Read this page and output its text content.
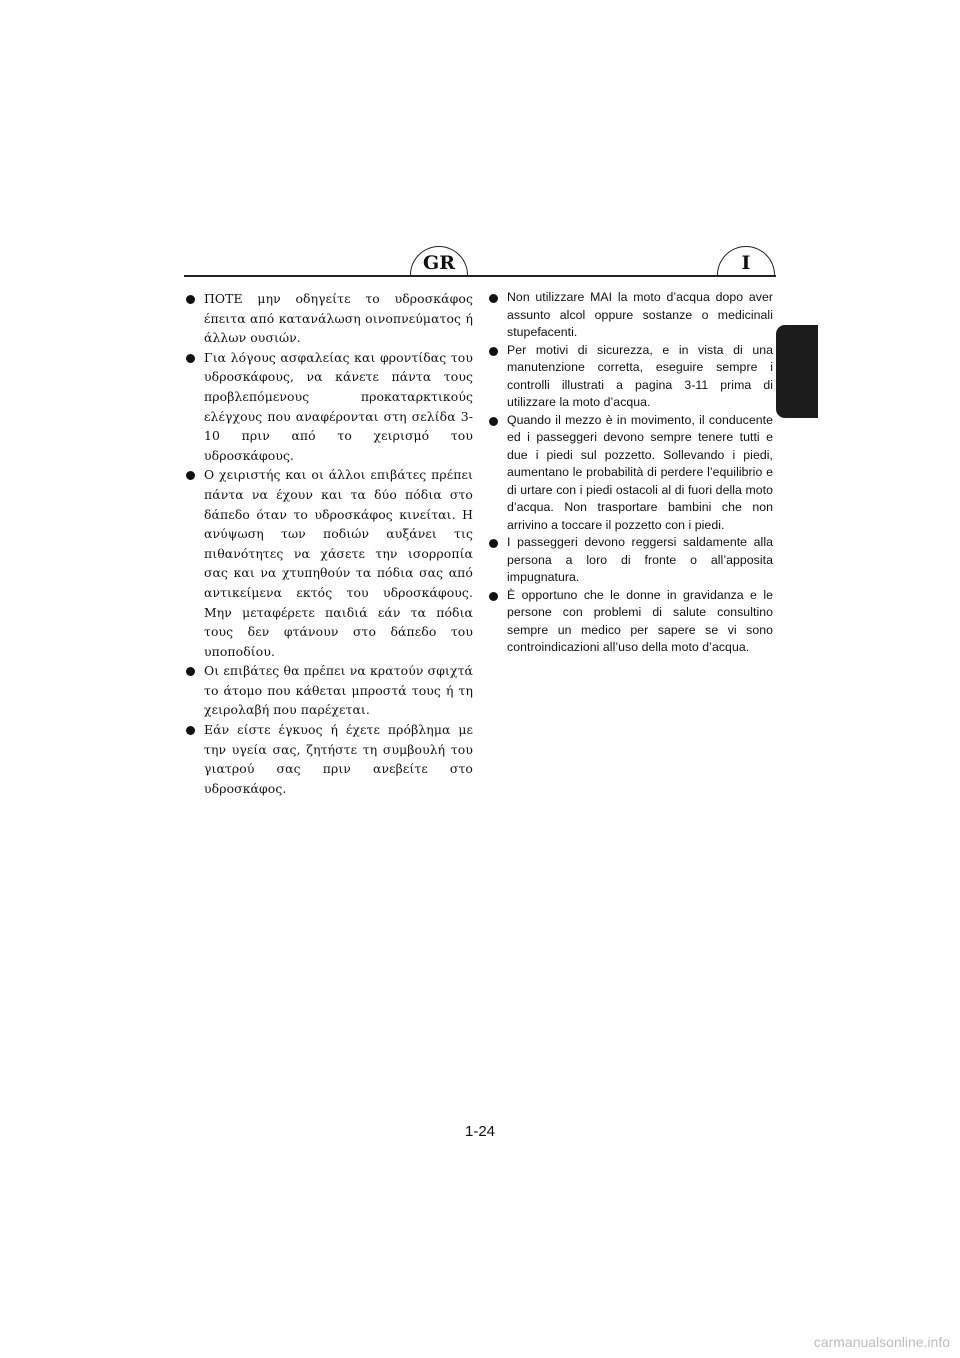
GR	I

ΠΟΤΕ μην οδηγείτε το υδροσκάφος έπειτα από κατανάλωση οινοπνεύματος ή άλλων ουσιών.

Για λόγους ασφαλείας και φροντίδας του υδροσκάφους, να κάνετε πάντα τους προβλεπόμενους προκαταρκτικούς ελέγχους που αναφέρονται στη σελίδα 3-10 πριν από το χειρισμό του υδροσκάφους.

Ο χειριστής και οι άλλοι επιβάτες πρέπει πάντα να έχουν και τα δύο πόδια στο δάπεδο όταν το υδροσκάφος κινείται. Η ανύψωση των ποδιών αυξάνει τις πιθανότητες να χάσετε την ισορροπία σας και να χτυπηθούν τα πόδια σας από αντικείμενα εκτός του υδροσκάφους. Μην μεταφέρετε παιδιά εάν τα πόδια τους δεν φτάνουν στο δάπεδο του υποποδίου.

Οι επιβάτες θα πρέπει να κρατούν σφιχτά το άτομο που κάθεται μπροστά τους ή τη χειρολαβή που παρέχεται.

Εάν είστε έγκυος ή έχετε πρόβλημα με την υγεία σας, ζητήστε τη συμβουλή του γιατρού σας πριν ανεβείτε στο υδροσκάφος.

Non utilizzare MAI la moto d’acqua dopo aver assunto alcol oppure sostanze o medicinali stupefacenti.

Per motivi di sicurezza, e in vista di una manutenzione corretta, eseguire sempre i controlli illustrati a pagina 3-11 prima di utilizzare la moto d’acqua.

Quando il mezzo è in movimento, il conducente ed i passeggeri devono sempre tenere tutti e due i piedi sul pozzetto. Sollevando i piedi, aumentano le probabilità di perdere l’equilibrio e di urtare con i piedi ostacoli al di fuori della moto d’acqua. Non trasportare bambini che non arrivino a toccare il pozzetto con i piedi.

I passeggeri devono reggersi saldamente alla persona a loro di fronte o all’apposita impugnatura.

È opportuno che le donne in gravidanza e le persone con problemi di salute consultino sempre un medico per sapere se vi sono controindicazioni all’uso della moto d’acqua.

1-24
carmanualsonline.info
